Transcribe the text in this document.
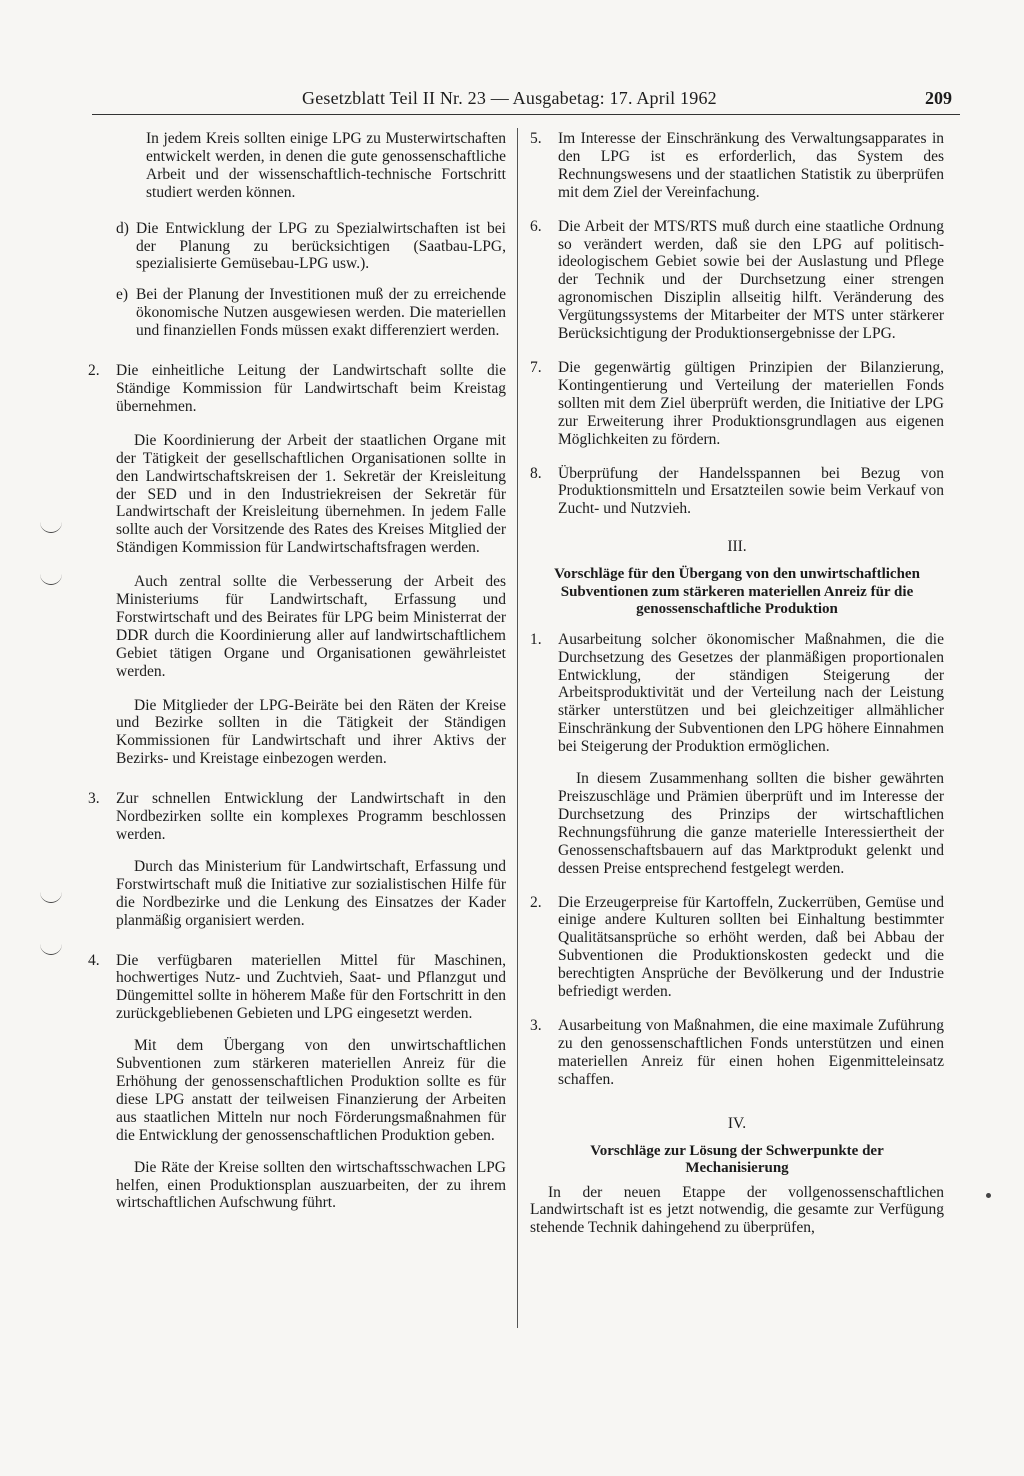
Gesetzblatt Teil II Nr. 23 — Ausgabetag: 17. April 1962	209
In jedem Kreis sollten einige LPG zu Musterwirtschaften entwickelt werden, in denen die gute genossenschaftliche Arbeit und der wissenschaftlich-technische Fortschritt studiert werden können.
d) Die Entwicklung der LPG zu Spezialwirtschaften ist bei der Planung zu berücksichtigen (Saatbau-LPG, spezialisierte Gemüsebau-LPG usw.).
e) Bei der Planung der Investitionen muß der zu erreichende ökonomische Nutzen ausgewiesen werden. Die materiellen und finanziellen Fonds müssen exakt differenziert werden.
2. Die einheitliche Leitung der Landwirtschaft sollte die Ständige Kommission für Landwirtschaft beim Kreistag übernehmen.
Die Koordinierung der Arbeit der staatlichen Organe mit der Tätigkeit der gesellschaftlichen Organisationen sollte in den Landwirtschaftskreisen der 1. Sekretär der Kreisleitung der SED und in den Industriekreisen der Sekretär für Landwirtschaft der Kreisleitung übernehmen. In jedem Falle sollte auch der Vorsitzende des Rates des Kreises Mitglied der Ständigen Kommission für Landwirtschaftsfragen werden.
Auch zentral sollte die Verbesserung der Arbeit des Ministeriums für Landwirtschaft, Erfassung und Forstwirtschaft und des Beirates für LPG beim Ministerrat der DDR durch die Koordinierung aller auf landwirtschaftlichem Gebiet tätigen Organe und Organisationen gewährleistet werden.
Die Mitglieder der LPG-Beiräte bei den Räten der Kreise und Bezirke sollten in die Tätigkeit der Ständigen Kommissionen für Landwirtschaft und ihrer Aktivs der Bezirks- und Kreistage einbezogen werden.
3. Zur schnellen Entwicklung der Landwirtschaft in den Nordbezirken sollte ein komplexes Programm beschlossen werden.
Durch das Ministerium für Landwirtschaft, Erfassung und Forstwirtschaft muß die Initiative zur sozialistischen Hilfe für die Nordbezirke und die Lenkung des Einsatzes der Kader planmäßig organisiert werden.
4. Die verfügbaren materiellen Mittel für Maschinen, hochwertiges Nutz- und Zuchtvieh, Saat- und Pflanzgut und Düngemittel sollte in höherem Maße für den Fortschritt in den zurückgebliebenen Gebieten und LPG eingesetzt werden.
Mit dem Übergang von den unwirtschaftlichen Subventionen zum stärkeren materiellen Anreiz für die Erhöhung der genossenschaftlichen Produktion sollte es für diese LPG anstatt der teilweisen Finanzierung der Arbeiten aus staatlichen Mitteln nur noch Förderungsmaßnahmen für die Entwicklung der genossenschaftlichen Produktion geben.
Die Räte der Kreise sollten den wirtschaftsschwachen LPG helfen, einen Produktionsplan auszuarbeiten, der zu ihrem wirtschaftlichen Aufschwung führt.
5. Im Interesse der Einschränkung des Verwaltungsapparates in den LPG ist es erforderlich, das System des Rechnungswesens und der staatlichen Statistik zu überprüfen mit dem Ziel der Vereinfachung.
6. Die Arbeit der MTS/RTS muß durch eine staatliche Ordnung so verändert werden, daß sie den LPG auf politisch-ideologischem Gebiet sowie bei der Auslastung und Pflege der Technik und der Durchsetzung einer strengen agronomischen Disziplin allseitig hilft. Veränderung des Vergütungssystems der Mitarbeiter der MTS unter stärkerer Berücksichtigung der Produktionsergebnisse der LPG.
7. Die gegenwärtig gültigen Prinzipien der Bilanzierung, Kontingentierung und Verteilung der materiellen Fonds sollten mit dem Ziel überprüft werden, die Initiative der LPG zur Erweiterung ihrer Produktionsgrundlagen aus eigenen Möglichkeiten zu fördern.
8. Überprüfung der Handelsspannen bei Bezug von Produktionsmitteln und Ersatzteilen sowie beim Verkauf von Zucht- und Nutzvieh.
III.
Vorschläge für den Übergang von den unwirtschaftlichen Subventionen zum stärkeren materiellen Anreiz für die genossenschaftliche Produktion
1. Ausarbeitung solcher ökonomischer Maßnahmen, die die Durchsetzung des Gesetzes der planmäßigen proportionalen Entwicklung, der ständigen Steigerung der Arbeitsproduktivität und der Verteilung nach der Leistung stärker unterstützen und bei gleichzeitiger allmählicher Einschränkung der Subventionen den LPG höhere Einnahmen bei Steigerung der Produktion ermöglichen.
In diesem Zusammenhang sollten die bisher gewährten Preiszuschläge und Prämien überprüft und im Interesse der Durchsetzung des Prinzips der wirtschaftlichen Rechnungsführung die ganze materielle Interessiertheit der Genossenschaftsbauern auf das Marktprodukt gelenkt und dessen Preise entsprechend festgelegt werden.
2. Die Erzeugerpreise für Kartoffeln, Zuckerrüben, Gemüse und einige andere Kulturen sollten bei Einhaltung bestimmter Qualitätsansprüche so erhöht werden, daß bei Abbau der Subventionen die Produktionskosten gedeckt und die berechtigten Ansprüche der Bevölkerung und der Industrie befriedigt werden.
3. Ausarbeitung von Maßnahmen, die eine maximale Zuführung zu den genossenschaftlichen Fonds unterstützen und einen materiellen Anreiz für einen hohen Eigenmitteleinsatz schaffen.
IV.
Vorschläge zur Lösung der Schwerpunkte der Mechanisierung
In der neuen Etappe der vollgenossenschaftlichen Landwirtschaft ist es jetzt notwendig, die gesamte zur Verfügung stehende Technik dahingehend zu überprüfen,
